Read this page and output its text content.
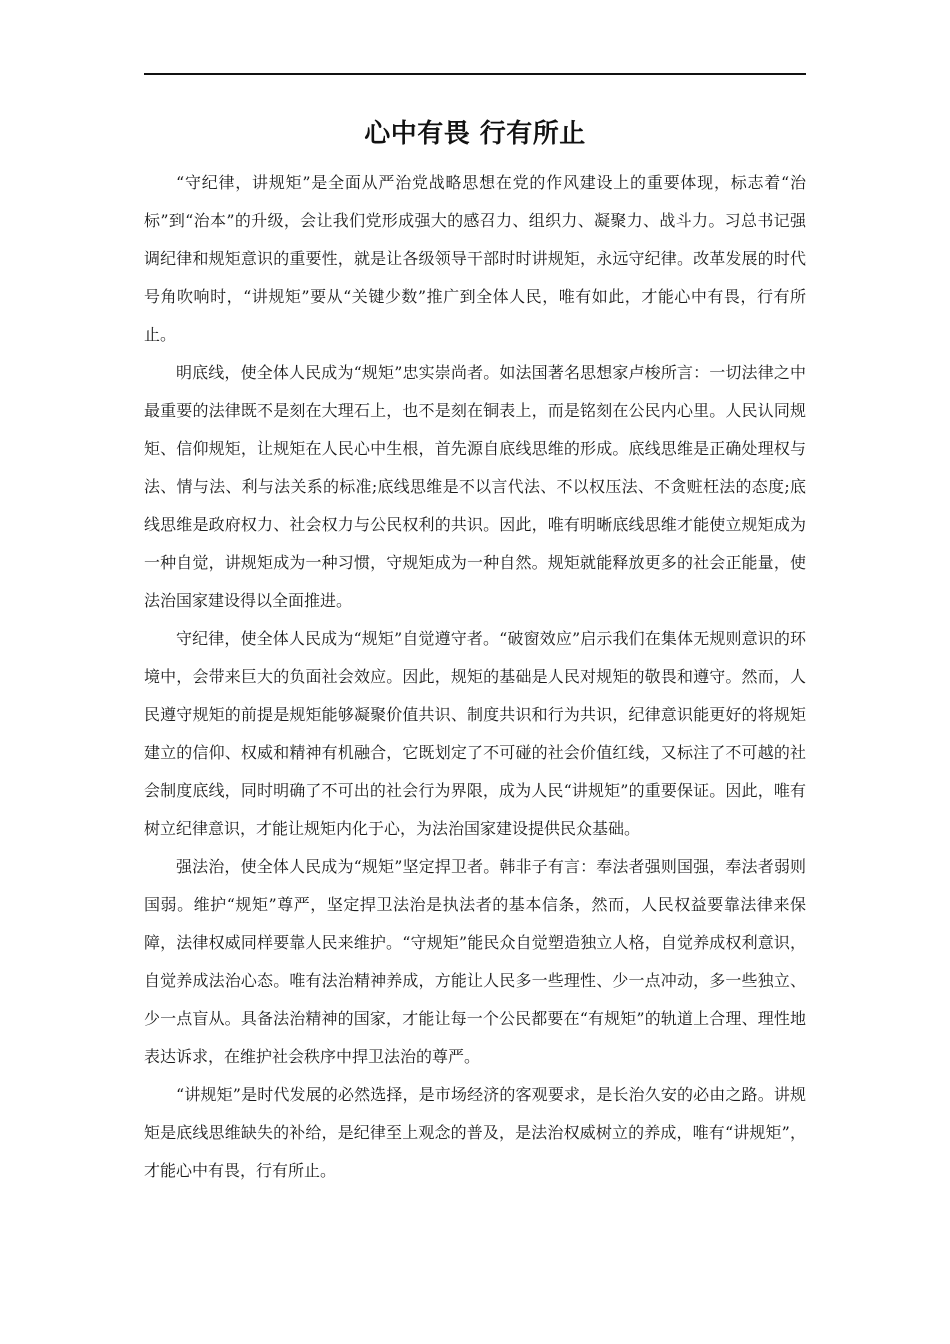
心中有畏 行有所止

“守纪律，讲规矩”是全面从严治党战略思想在党的作风建设上的重要体现，标志着“治标”到“治本”的升级，会让我们党形成强大的感召力、组织力、凝聚力、战斗力。习总书记强调纪律和规矩意识的重要性，就是让各级领导干部时时讲规矩，永远守纪律。改革发展的时代号角吹响时，“讲规矩”要从“关键少数”推广到全体人民，唯有如此，才能心中有畏，行有所止。

明底线，使全体人民成为“规矩”忠实崇尚者。如法国著名思想家卢梭所言：一切法律之中最重要的法律既不是刻在大理石上，也不是刻在铜表上，而是铭刻在公民内心里。人民认同规矩、信仰规矩，让规矩在人民心中生根，首先源自底线思维的形成。底线思维是正确处理权与法、情与法、利与法关系的标准;底线思维是不以言代法、不以权压法、不贪赃枉法的态度;底线思维是政府权力、社会权力与公民权利的共识。因此，唯有明晰底线思维才能使立规矩成为一种自觉，讲规矩成为一种习惯，守规矩成为一种自然。规矩就能释放更多的社会正能量，使法治国家建设得以全面推进。

守纪律，使全体人民成为“规矩”自觉遵守者。“破窗效应”启示我们在集体无规则意识的环境中，会带来巨大的负面社会效应。因此，规矩的基础是人民对规矩的敬畏和遵守。然而，人民遵守规矩的前提是规矩能够凝聚价值共识、制度共识和行为共识，纪律意识能更好的将规矩建立的信仰、权威和精神有机融合，它既划定了不可碰的社会价值红线，又标注了不可越的社会制度底线，同时明确了不可出的社会行为界限，成为人民“讲规矩”的重要保证。因此，唯有树立纪律意识，才能让规矩内化于心，为法治国家建设提供民众基础。

强法治，使全体人民成为“规矩”坚定捍卫者。韩非子有言：奉法者强则国强，奉法者弱则国弱。维护“规矩”尊严，坚定捍卫法治是执法者的基本信条，然而，人民权益要靠法律来保障，法律权威同样要靠人民来维护。“守规矩”能民众自觉塑造独立人格，自觉养成权利意识，自觉养成法治心态。唯有法治精神养成，方能让人民多一些理性、少一点冲动，多一些独立、少一点盲从。具备法治精神的国家，才能让每一个公民都要在“有规矩”的轨道上合理、理性地表达诉求，在维护社会秩序中捍卫法治的尊严。

“讲规矩”是时代发展的必然选择，是市场经济的客观要求，是长治久安的必由之路。讲规矩是底线思维缺失的补给，是纪律至上观念的普及，是法治权威树立的养成，唯有“讲规矩”，才能心中有畏，行有所止。
